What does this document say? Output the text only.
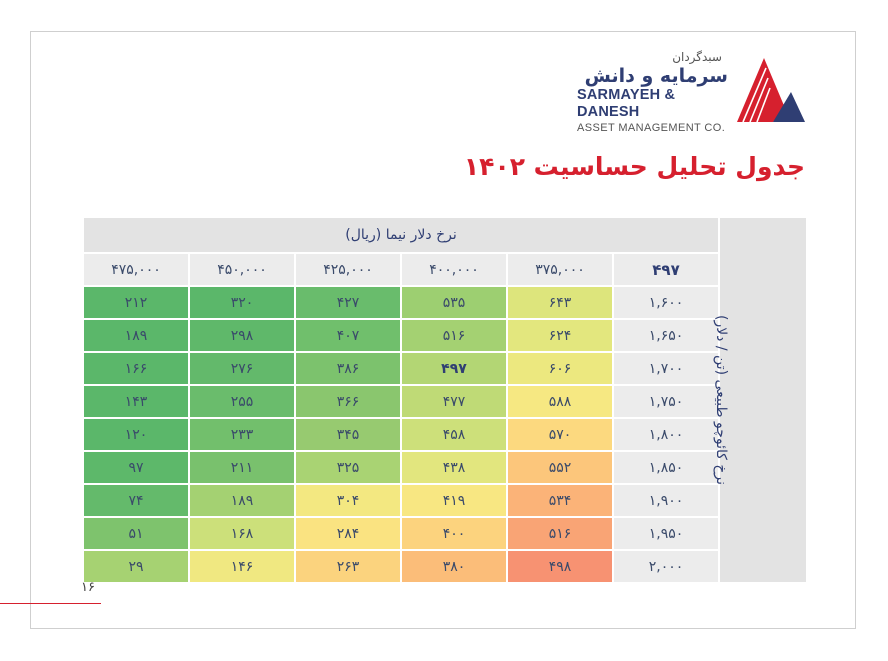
سبدگردان
سرمایه و دانش
SARMAYEH & DANESH
ASSET MANAGEMENT CO.
جدول تحلیل حساسیت ۱۴۰۲
نرخ کائوچو طبیعی (تن / دلار)	نرخ دلار نیما (ریال)					
	۴۹۷	۳۷۵,۰۰۰	۴۰۰,۰۰۰	۴۲۵,۰۰۰	۴۵۰,۰۰۰	۴۷۵,۰۰۰
	۱,۶۰۰	۶۴۳	۵۳۵	۴۲۷	۳۲۰	۲۱۲
	۱,۶۵۰	۶۲۴	۵۱۶	۴۰۷	۲۹۸	۱۸۹
	۱,۷۰۰	۶۰۶	۴۹۷	۳۸۶	۲۷۶	۱۶۶
	۱,۷۵۰	۵۸۸	۴۷۷	۳۶۶	۲۵۵	۱۴۳
	۱,۸۰۰	۵۷۰	۴۵۸	۳۴۵	۲۳۳	۱۲۰
	۱,۸۵۰	۵۵۲	۴۳۸	۳۲۵	۲۱۱	۹۷
	۱,۹۰۰	۵۳۴	۴۱۹	۳۰۴	۱۸۹	۷۴
	۱,۹۵۰	۵۱۶	۴۰۰	۲۸۴	۱۶۸	۵۱
	۲,۰۰۰	۴۹۸	۳۸۰	۲۶۳	۱۴۶	۲۹
۱۶
